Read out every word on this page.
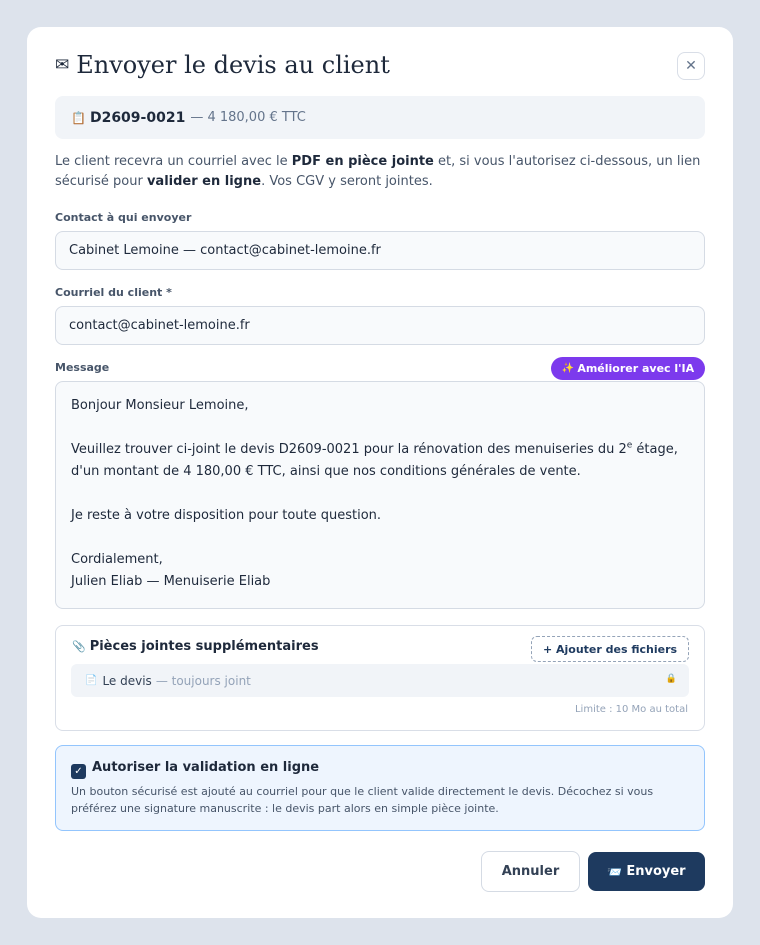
✉ Envoyer le devis au client	✕
📋 D2609-0021 — 4 180,00 € TTC
Le client recevra un courriel avec le PDF en pièce jointe et, si vous l'autorisez ci-dessous, un lien sécurisé pour valider en ligne. Vos CGV y seront jointes.
Contact à qui envoyer
Cabinet Lemoine — contact@cabinet-lemoine.fr
Courriel du client *
contact@cabinet-lemoine.fr
Message	✨ Améliorer avec l'IA

Bonjour Monsieur Lemoine,

Veuillez trouver ci-joint le devis D2609-0021 pour la rénovation des menuiseries du 2e étage,

d'un montant de 4 180,00 € TTC, ainsi que nos conditions générales de vente.

Je reste à votre disposition pour toute question.

Cordialement,

Julien Eliab — Menuiserie Eliab

📎 Pièces jointes supplémentaires	+ Ajouter des fichiers
📄 Le devis — toujours joint	🔒
Limite : 10 Mo au total
✓ Autoriser la validation en ligne
Un bouton sécurisé est ajouté au courriel pour que le client valide directement le devis. Décochez si vous préférez une signature manuscrite : le devis part alors en simple pièce jointe.
Annuler	📨 Envoyer
